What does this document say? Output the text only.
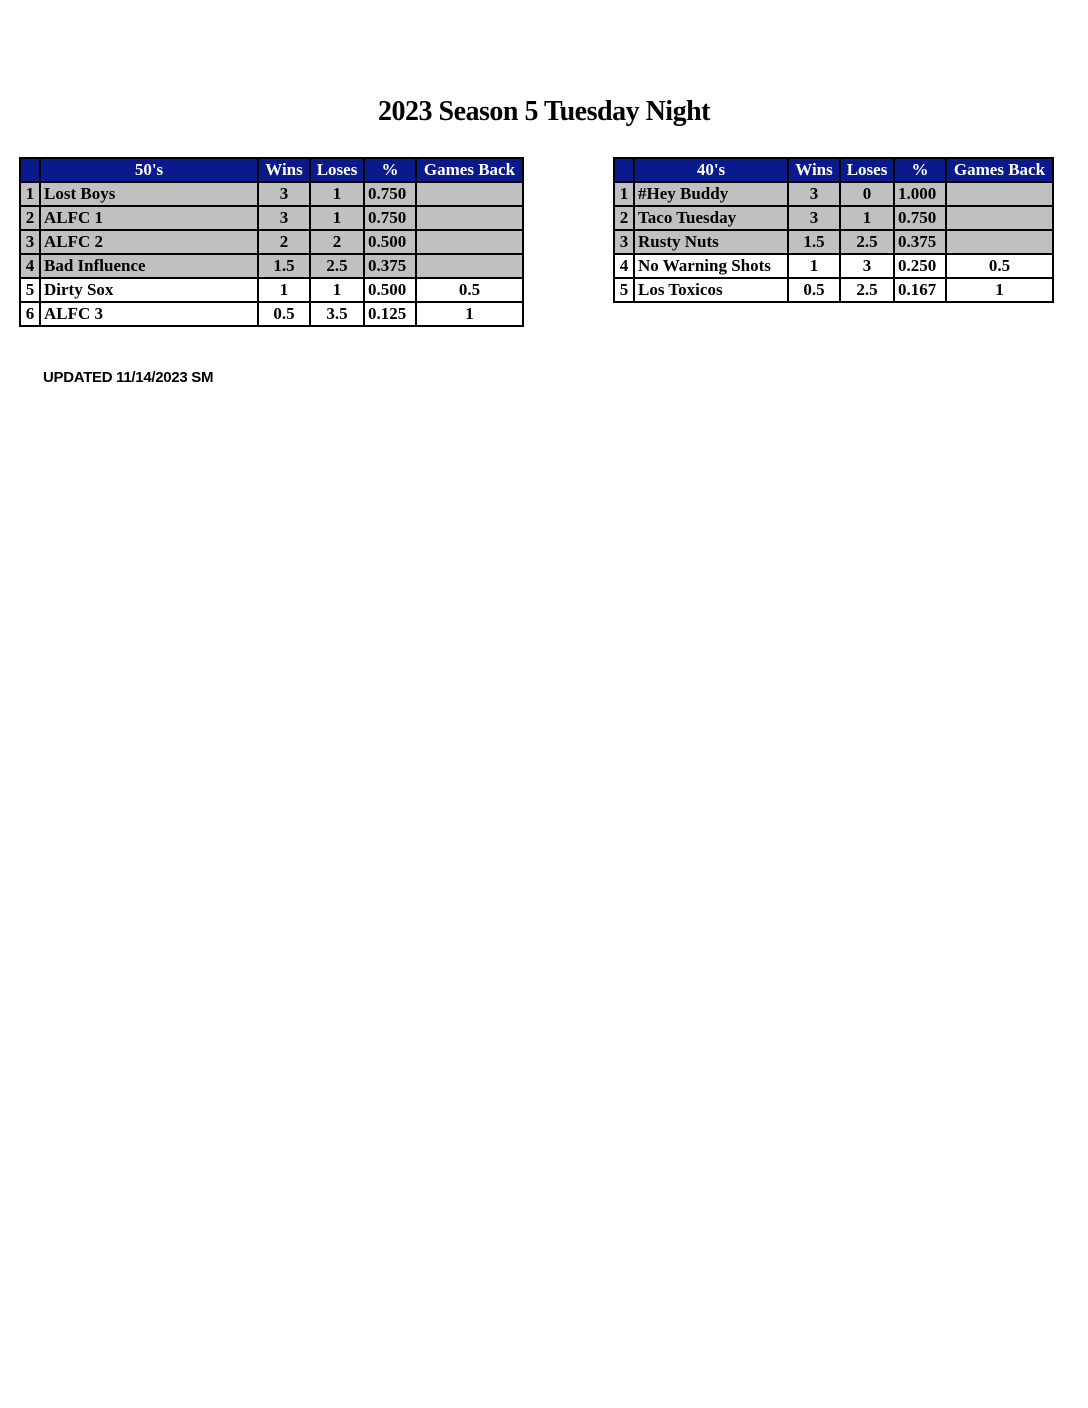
2023 Season 5 Tuesday Night
	50's	Wins	Loses	%	Games Back
1	Lost Boys	3	1	0.750	
2	ALFC 1	3	1	0.750	
3	ALFC 2	2	2	0.500	
4	Bad Influence	1.5	2.5	0.375	
5	Dirty Sox	1	1	0.500	0.5
6	ALFC 3	0.5	3.5	0.125	1
	40's	Wins	Loses	%	Games Back
1	#Hey Buddy	3	0	1.000	
2	Taco Tuesday	3	1	0.750	
3	Rusty Nuts	1.5	2.5	0.375	
4	No Warning Shots	1	3	0.250	0.5
5	Los Toxicos	0.5	2.5	0.167	1
UPDATED 11/14/2023 SM
